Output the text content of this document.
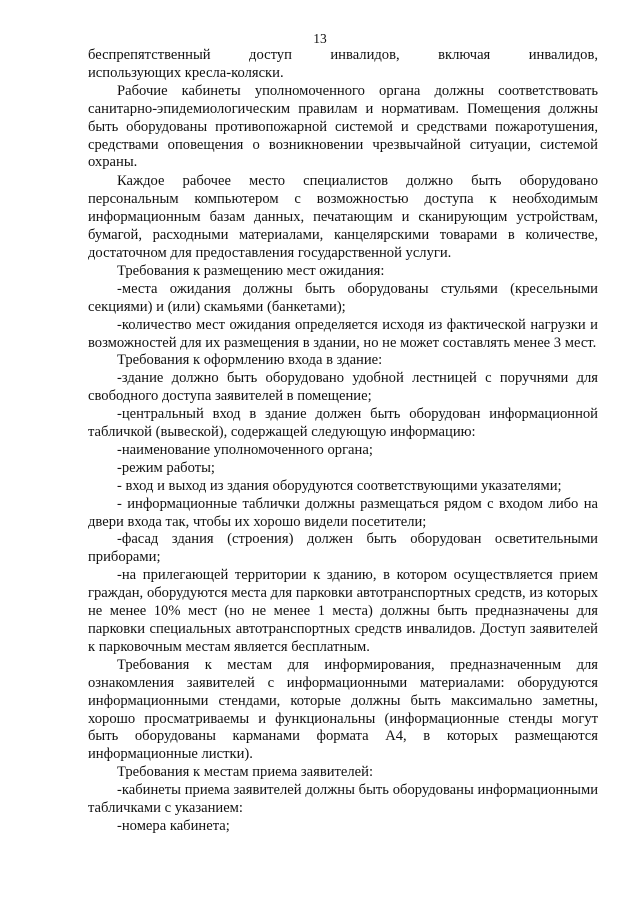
13

беспрепятственный доступ инвалидов, включая инвалидов,
использующих кресла-коляски.

Рабочие кабинеты уполномоченного органа должны соответствовать санитарно-эпидемиологическим правилам и нормативам. Помещения должны быть оборудованы противопожарной системой и средствами пожаротушения, средствами оповещения о возникновении чрезвычайной ситуации, системой охраны.

Каждое рабочее место специалистов должно быть оборудовано персональным компьютером с возможностью доступа к необходимым информационным базам данных, печатающим и сканирующим устройствам, бумагой, расходными материалами, канцелярскими товарами в количестве, достаточном для предоставления государственной услуги.

Требования к размещению мест ожидания:

-места ожидания должны быть оборудованы стульями (кресельными секциями) и (или) скамьями (банкетами);

-количество мест ожидания определяется исходя из фактической нагрузки и возможностей для их размещения в здании, но не может составлять менее 3 мест.

Требования к оформлению входа в здание:

-здание должно быть оборудовано удобной лестницей с поручнями для свободного доступа заявителей в помещение;

-центральный вход в здание должен быть оборудован информационной табличкой (вывеской), содержащей следующую информацию:

-наименование уполномоченного органа;

-режим работы;

- вход и выход из здания оборудуются соответствующими указателями;

- информационные таблички должны размещаться рядом с входом либо на двери входа так, чтобы их хорошо видели посетители;

-фасад здания (строения) должен быть оборудован осветительными приборами;

-на прилегающей территории к зданию, в котором осуществляется прием граждан, оборудуются места для парковки автотранспортных средств, из которых не менее 10% мест (но не менее 1 места) должны быть предназначены для парковки специальных автотранспортных средств инвалидов. Доступ заявителей к парковочным местам является бесплатным.

Требования к местам для информирования, предназначенным для ознакомления заявителей с информационными материалами: оборудуются информационными стендами, которые должны быть максимально заметны, хорошо просматриваемы и функциональны (информационные стенды могут быть оборудованы карманами формата А4, в которых размещаются информационные листки).

Требования к местам приема заявителей:

-кабинеты приема заявителей должны быть оборудованы информационными табличками с указанием:

-номера кабинета;
